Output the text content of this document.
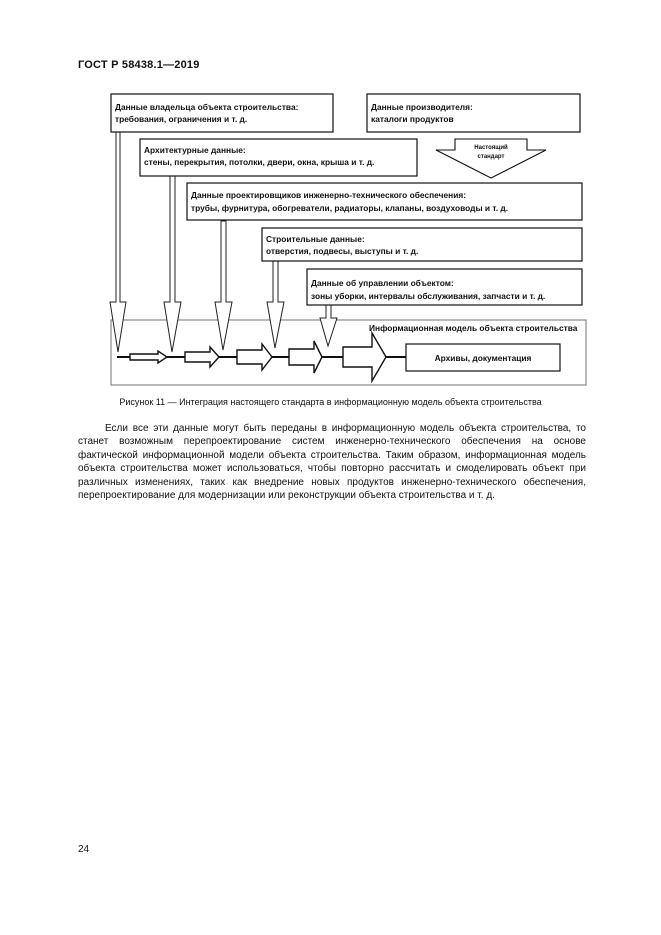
ГОСТ Р 58438.1—2019
Архивы, документация
Информационная модель объекта строительства
Данные владельца объекта строительства:
требования, ограничения и т. д.
Данные производителя:
каталоги продуктов
Настоящий
стандарт
Архитектурные данные:
стены, перекрытия, потолки, двери, окна, крыша и т. д.
Данные проектировщиков инженерно-технического обеспечения:
трубы, фурнитура, обогреватели, радиаторы, клапаны, воздуховоды и т. д.
Строительные данные:
отверстия, подвесы, выступы и т. д.
Данные об управлении объектом:
зоны уборки, интервалы обслуживания, запчасти и т. д.
Рисунок 11 — Интеграция настоящего стандарта в информационную модель объекта строительства

Если все эти данные могут быть переданы в информационную модель объекта строительства, то станет возможным перепроектирование систем инженерно-технического обеспечения на основе фактической информационной модели объекта строительства. Таким образом, информационная модель объекта строительства может использоваться, чтобы повторно рассчитать и смоделировать объект при различных изменениях, таких как внедрение новых продуктов инженерно-технического обеспечения, перепроектирование для модернизации или реконструкции объекта строительства и т. д.

24
